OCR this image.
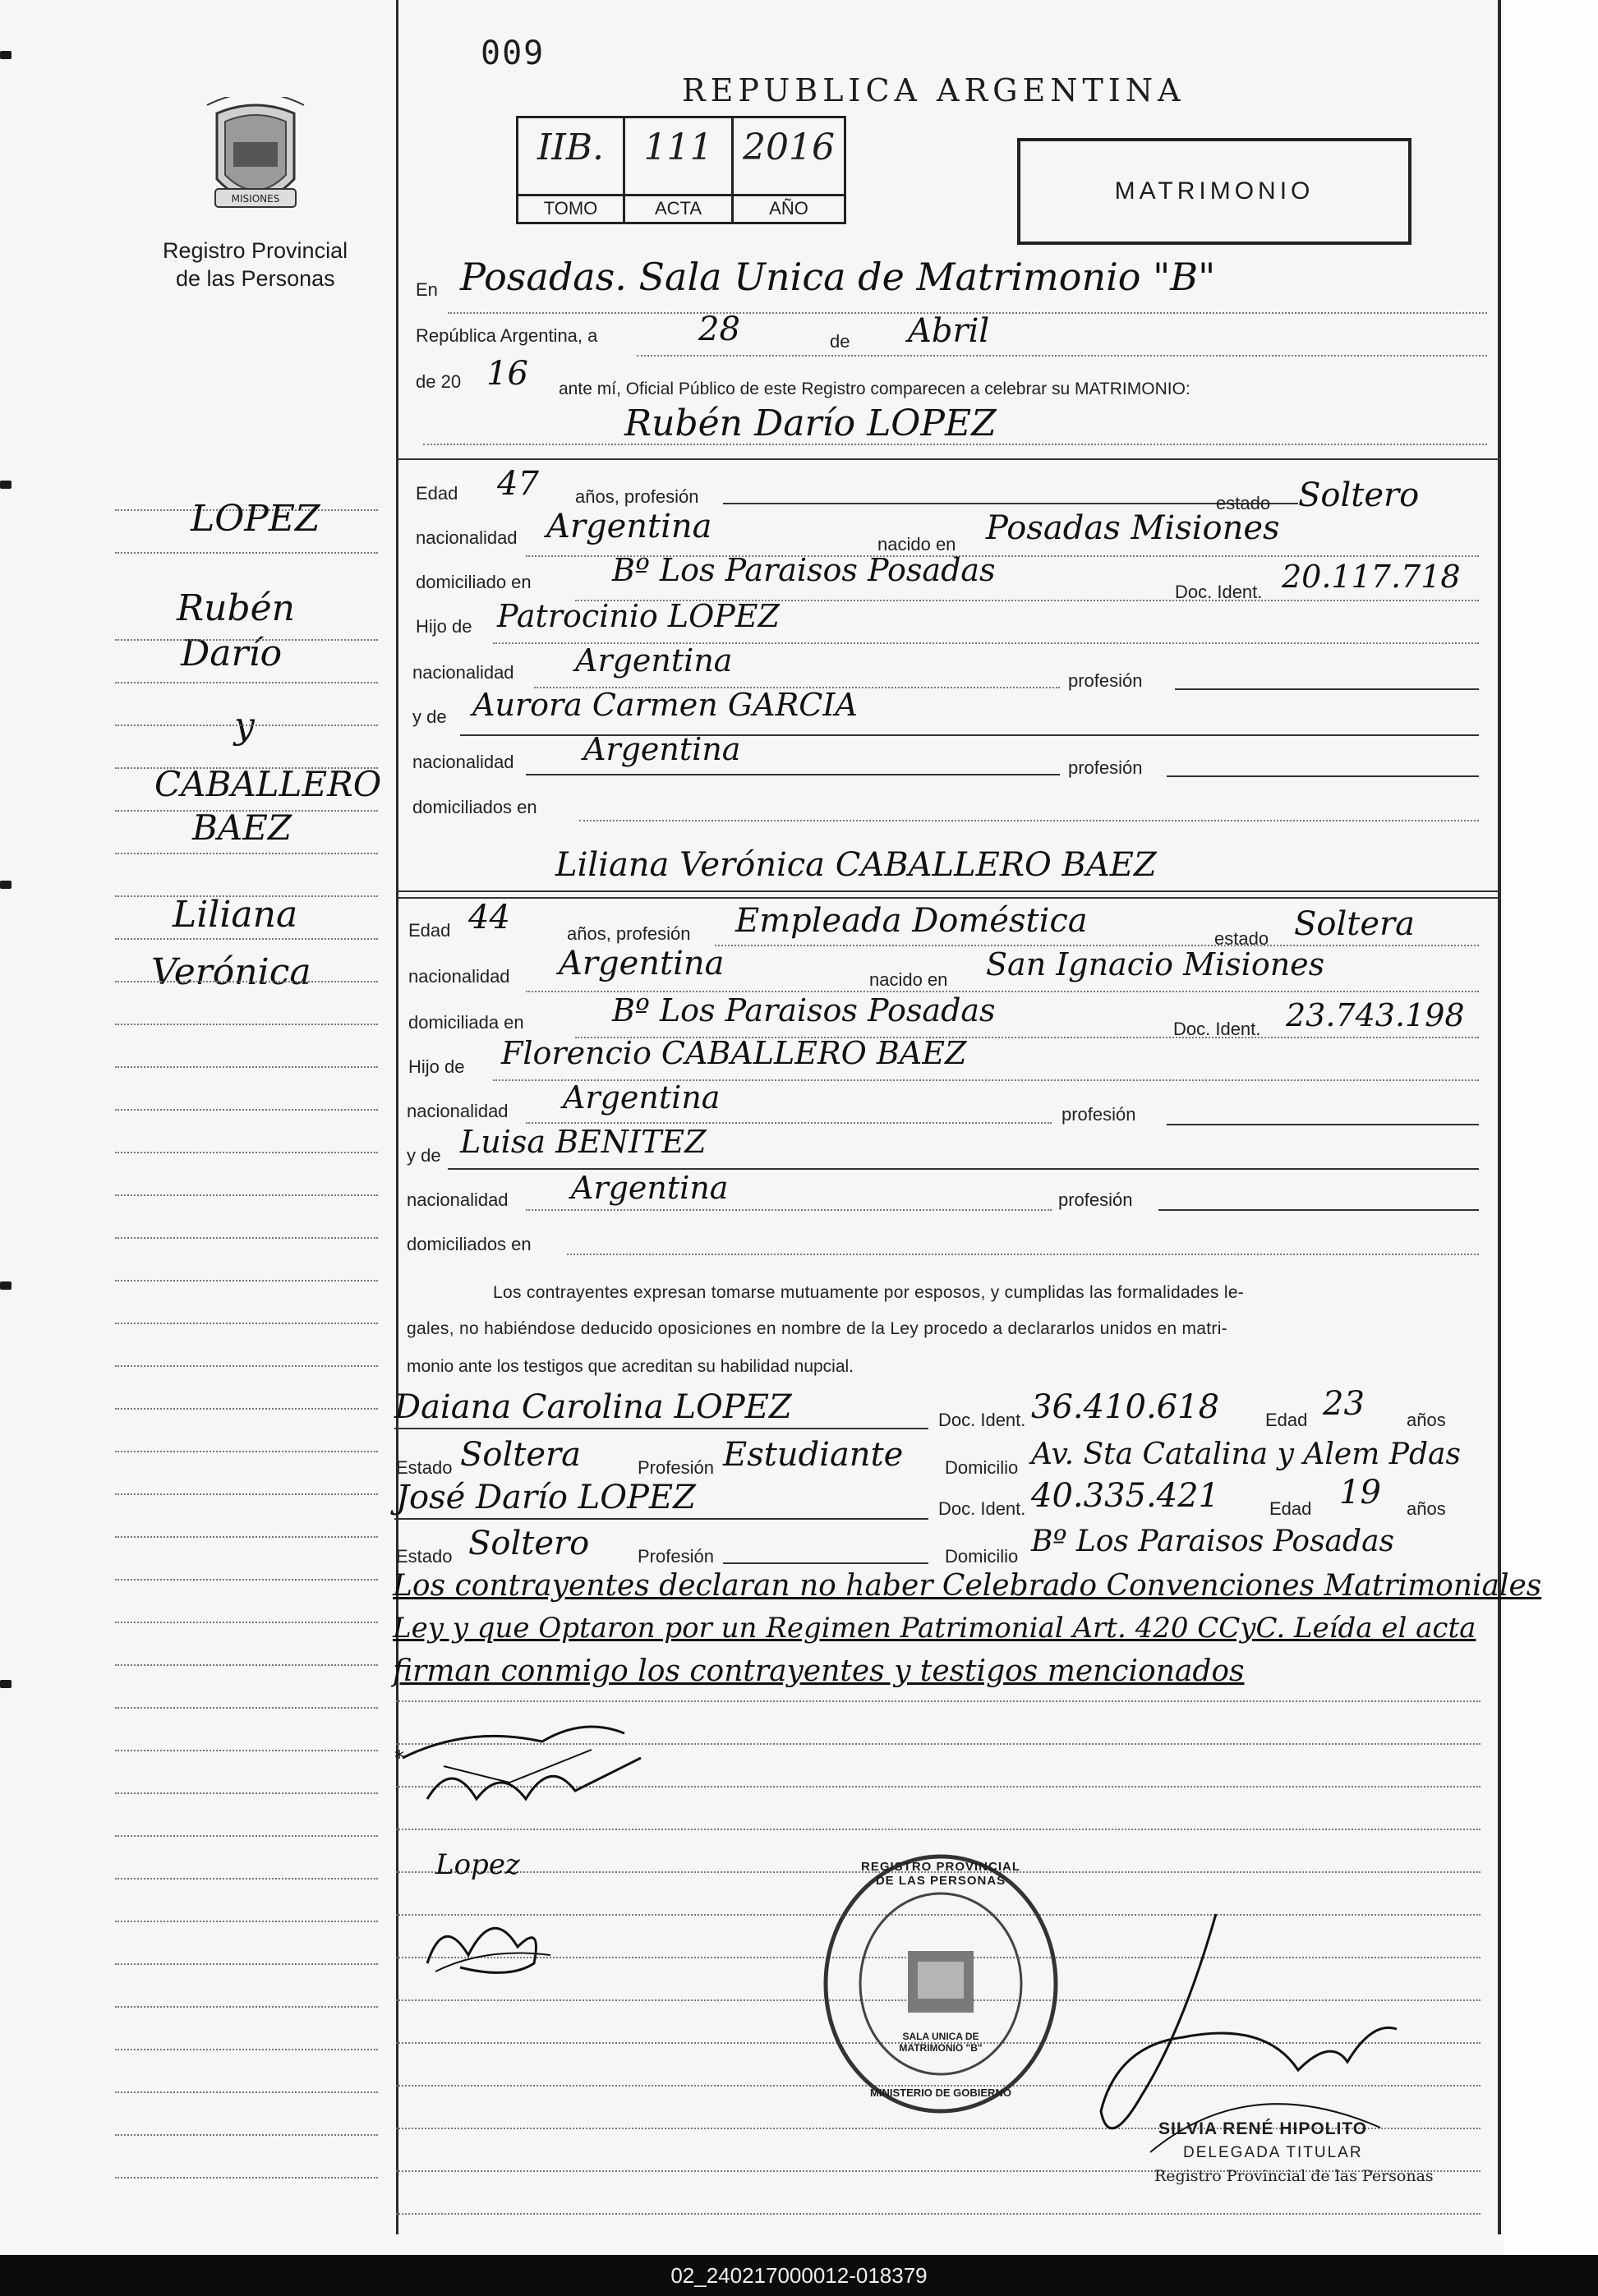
009
REPUBLICA ARGENTINA
MISIONES
Registro Provincial
de las Personas
IIB.
TOMO
111
ACTA
2016
AÑO
MATRIMONIO
En Posadas. Sala Unica de Matrimonio "B"
República Argentina, a	28	de Abril
de 20 16 ante mí, Oficial Público de este Registro comparecen a celebrar su MATRIMONIO:
Rubén Darío LOPEZ
LOPEZ
Rubén
Darío
y
CABALLERO
BAEZ
Liliana
Verónica
Edad 47 años, profesión	estado Soltero
nacionalidad Argentina	nacido en Posadas Misiones
domiciliado en	Bº Los Paraisos Posadas
Doc. Ident. 20.117.718
Hijo de Patrocinio LOPEZ
nacionalidad Argentina
profesión
y de Aurora Carmen GARCIA
nacionalidad Argentina
profesión
domiciliados en
Liliana Verónica CABALLERO BAEZ
Edad 44	años, profesión Empleada Doméstica	estado Soltera
nacionalidad Argentina	nacido en San Ignacio Misiones
domiciliada en	Bº Los Paraisos Posadas
Doc. Ident. 23.743.198
Hijo de Florencio CABALLERO BAEZ
nacionalidad Argentina	profesión
y de Luisa BENITEZ
nacionalidad Argentina	profesión
domiciliados en
Los contrayentes expresan tomarse mutuamente por esposos, y cumplidas las formalidades le-
gales, no habiéndose deducido oposiciones en nombre de la Ley procedo a declararlos unidos en matri-
monio ante los testigos que acreditan su habilidad nupcial.
Daiana Carolina LOPEZ	Doc. Ident. 36.410.618	Edad 23 años
Estado Soltera	Profesión Estudiante Domicilio Av. Sta Catalina y Alem Pdas
José Darío LOPEZ	Doc. Ident. 40.335.421	Edad 19 años
Estado Soltero	Profesión	Domicilio Bº Los Paraisos Posadas
Los contrayentes declaran no haber Celebrado Convenciones Matrimoniales
Ley y que Optaron por un Regimen Patrimonial Art. 420 CCyC. Leída el acta
firman conmigo los contrayentes y testigos mencionados
*
Lopez	REGISTRO PROVINCIAL DE LAS PERSONAS
SALA UNICA DE MATRIMONIO "B"
MINISTERIO DE GOBIERNO
SILVIA RENÉ HIPOLITO
DELEGADA TITULAR
Registro Provincial de las Personas
02_240217000012-018379
